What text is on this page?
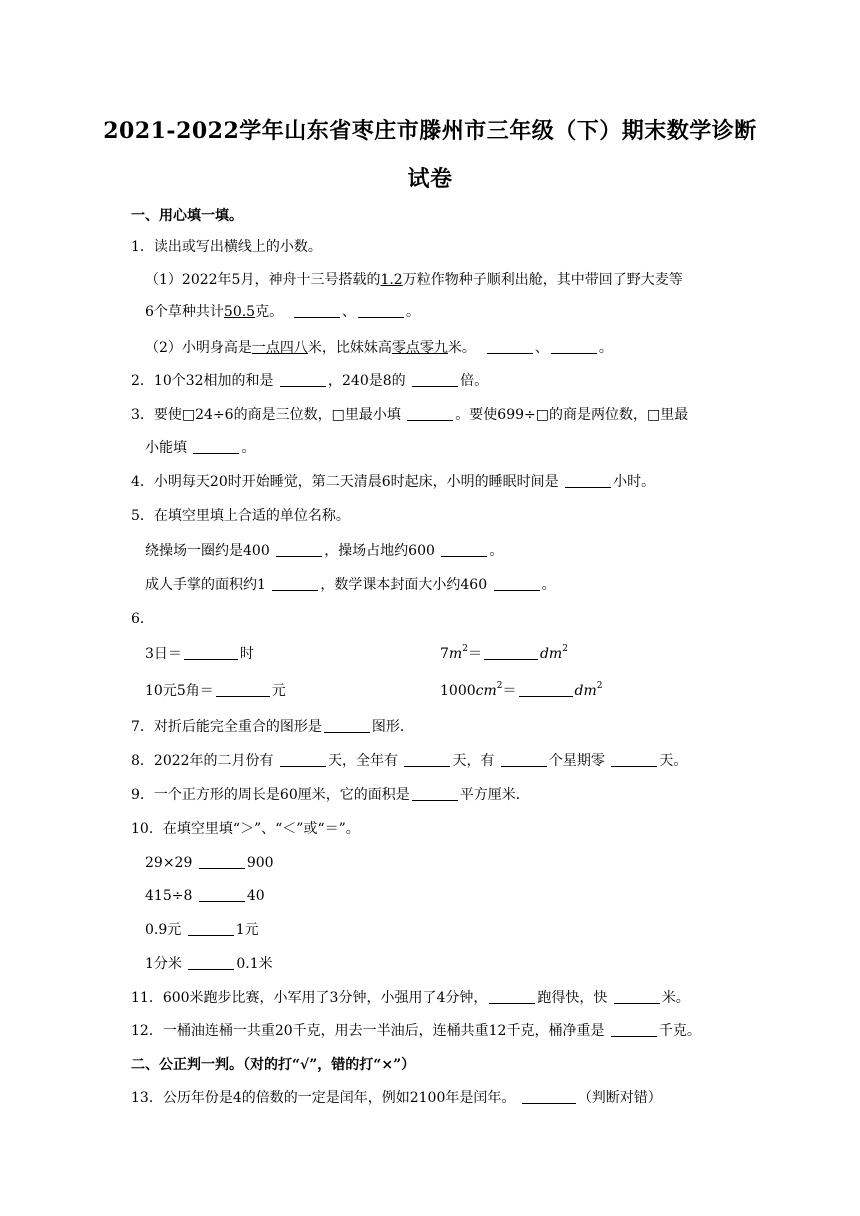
2021-2022学年山东省枣庄市滕州市三年级（下）期末数学诊断
试卷
一、用心填一填。
1．读出或写出横线上的小数。
（1）2022年5月，神舟十三号搭载的1.2万粒作物种子顺利出舱，其中带回了野大麦等
6个草种共计50.5克。	、	。
（2）小明身高是一点四八米，比妹妹高零点零九米。	、	。
2．10个32相加的和是	，240是8的	倍。
3．要使□24÷6的商是三位数，□里最小填	。要使699÷□的商是两位数，□里最
小能填	。
4．小明每天20时开始睡觉，第二天清晨6时起床，小明的睡眠时间是	小时。
5．在填空里填上合适的单位名称。
绕操场一圈约是400	，操场占地约600	。
成人手掌的面积约1	，数学课本封面大小约460	。
6．
3日＝	时	$7m^2=$	$dm^2$
10元5角＝	元	$1000cm^2=$	$dm^2$
7．对折后能完全重合的图形是	图形．
8．2022年的二月份有	天，全年有	天，有	个星期零	天。
9．一个正方形的周长是60厘米，它的面积是	平方厘米．
10．在填空里填“＞”、“＜”或“＝”。
29×29	900
415÷8	40
0.9元	1元
1分米	0.1米
11．600米跑步比赛，小军用了3分钟，小强用了4分钟，	跑得快，快	米。
12．一桶油连桶一共重20千克，用去一半油后，连桶共重12千克，桶净重是	千克。
二、公正判一判。（对的打“√”，错的打“×”）
13．公历年份是4的倍数的一定是闰年，例如2100年是闰年。	（判断对错）
